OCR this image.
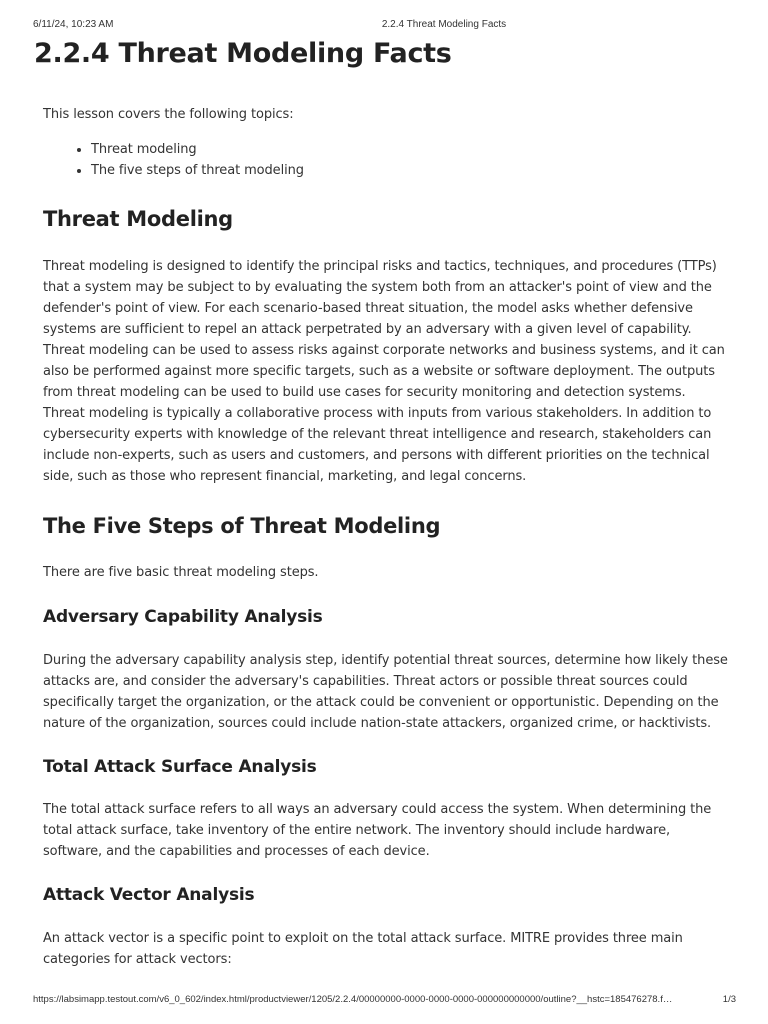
6/11/24, 10:23 AM	2.2.4 Threat Modeling Facts
2.2.4 Threat Modeling Facts

This lesson covers the following topics:

• Threat modeling
• The five steps of threat modeling
Threat Modeling

Threat modeling is designed to identify the principal risks and tactics, techniques, and procedures (TTPs) that a system may be subject to by evaluating the system both from an attacker's point of view and the defender's point of view. For each scenario-based threat situation, the model asks whether defensive systems are sufficient to repel an attack perpetrated by an adversary with a given level of capability. Threat modeling can be used to assess risks against corporate networks and business systems, and it can also be performed against more specific targets, such as a website or software deployment. The outputs from threat modeling can be used to build use cases for security monitoring and detection systems. Threat modeling is typically a collaborative process with inputs from various stakeholders. In addition to cybersecurity experts with knowledge of the relevant threat intelligence and research, stakeholders can include non-experts, such as users and customers, and persons with different priorities on the technical side, such as those who represent financial, marketing, and legal concerns.

The Five Steps of Threat Modeling

There are five basic threat modeling steps.

Adversary Capability Analysis

During the adversary capability analysis step, identify potential threat sources, determine how likely these attacks are, and consider the adversary's capabilities. Threat actors or possible threat sources could specifically target the organization, or the attack could be convenient or opportunistic. Depending on the nature of the organization, sources could include nation-state attackers, organized crime, or hacktivists.

Total Attack Surface Analysis

The total attack surface refers to all ways an adversary could access the system. When determining the total attack surface, take inventory of the entire network. The inventory should include hardware, software, and the capabilities and processes of each device.

Attack Vector Analysis

An attack vector is a specific point to exploit on the total attack surface. MITRE provides three main categories for attack vectors:

https://labsimapp.testout.com/v6_0_602/index.html/productviewer/1205/2.2.4/00000000-0000-0000-0000-000000000000/outline?__hstc=185476278.f…	1/3
